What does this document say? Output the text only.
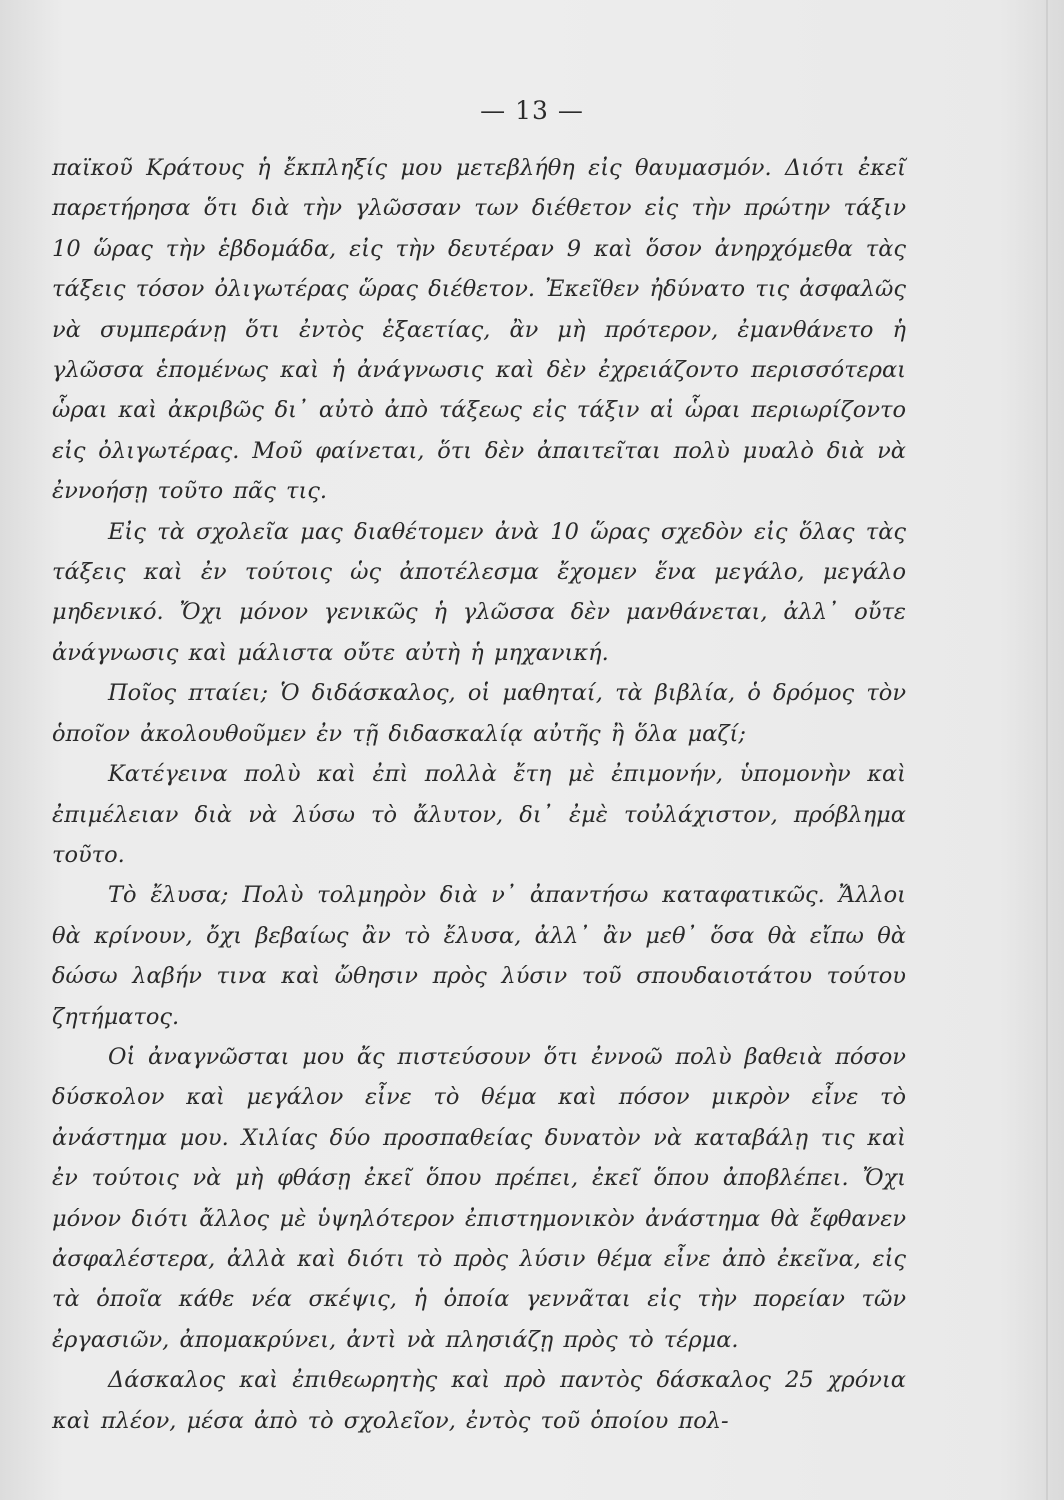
— 13 —

παϊκοῦ Κράτους ἡ ἔκπληξίς μου μετεβλήθη εἰς θαυμασμόν. Διότι ἐκεῖ παρετήρησα ὅτι διὰ τὴν γλῶσσαν των διέθετον εἰς τὴν πρώτην τάξιν 10 ὥρας τὴν ἑβδομάδα, εἰς τὴν δευτέραν 9 καὶ ὅσον ἀνηρχόμεθα τὰς τάξεις τόσον ὀλιγωτέρας ὥρας διέθετον. Ἐκεῖθεν ἠδύνατο τις ἀσφαλῶς νὰ συμπεράνῃ ὅτι ἐντὸς ἑξαετίας, ἂν μὴ πρότερον, ἐμανθάνετο ἡ γλῶσσα ἑπομένως καὶ ἡ ἀνάγνωσις καὶ δὲν ἐχρειάζοντο περισσότεραι ὧραι καὶ ἀκριβῶς δι᾿ αὐτὸ ἀπὸ τάξεως εἰς τάξιν αἱ ὧραι περιωρίζοντο εἰς ὀλιγωτέρας. Μοῦ φαίνεται, ὅτι δὲν ἀπαιτεῖται πολὺ μυαλὸ διὰ νὰ ἐννοήσῃ τοῦτο πᾶς τις.

Εἰς τὰ σχολεῖα μας διαθέτομεν ἀνὰ 10 ὥρας σχεδὸν εἰς ὅλας τὰς τάξεις καὶ ἐν τούτοις ὡς ἀποτέλεσμα ἔχομεν ἕνα μεγάλο, μεγάλο μηδενικό. Ὄχι μόνον γενικῶς ἡ γλῶσσα δὲν μανθάνεται, ἀλλ᾿ οὔτε ἀνάγνωσις καὶ μάλιστα οὔτε αὐτὴ ἡ μηχανική.

Ποῖος πταίει; Ὁ διδάσκαλος, οἱ μαθηταί, τὰ βιβλία, ὁ δρόμος τὸν ὁποῖον ἀκολουθοῦμεν ἐν τῇ διδασκαλίᾳ αὐτῆς ἢ ὅλα μαζί;

Κατέγεινα πολὺ καὶ ἐπὶ πολλὰ ἔτη μὲ ἐπιμονήν, ὑπομονὴν καὶ ἐπιμέλειαν διὰ νὰ λύσω τὸ ἄλυτον, δι᾿ ἐμὲ τοὐλάχιστον, πρόβλημα τοῦτο.

Τὸ ἔλυσα; Πολὺ τολμηρὸν διὰ ν᾿ ἀπαντήσω καταφατικῶς. Ἄλλοι θὰ κρίνουν, ὄχι βεβαίως ἂν τὸ ἔλυσα, ἀλλ᾿ ἂν μεθ᾿ ὅσα θὰ εἴπω θὰ δώσω λαβήν τινα καὶ ὤθησιν πρὸς λύσιν τοῦ σπουδαιοτάτου τούτου ζητήματος.

Οἱ ἀναγνῶσται μου ἄς πιστεύσουν ὅτι ἐννοῶ πολὺ βαθειὰ πόσον δύσκολον καὶ μεγάλον εἶνε τὸ θέμα καὶ πόσον μικρὸν εἶνε τὸ ἀνάστημα μου. Χιλίας δύο προσπαθείας δυνατὸν νὰ καταβάλῃ τις καὶ ἐν τούτοις νὰ μὴ φθάσῃ ἐκεῖ ὅπου πρέπει, ἐκεῖ ὅπου ἀποβλέπει. Ὄχι μόνον διότι ἄλλος μὲ ὑψηλότερον ἐπιστημονικὸν ἀνάστημα θὰ ἔφθανεν ἀσφαλέστερα, ἀλλὰ καὶ διότι τὸ πρὸς λύσιν θέμα εἶνε ἀπὸ ἐκεῖνα, εἰς τὰ ὁποῖα κάθε νέα σκέψις, ἡ ὁποία γεννᾶται εἰς τὴν πορείαν τῶν ἐργασιῶν, ἀπομακρύνει, ἀντὶ νὰ πλησιάζῃ πρὸς τὸ τέρμα.

Δάσκαλος καὶ ἐπιθεωρητὴς καὶ πρὸ παντὸς δάσκαλος 25 χρόνια καὶ πλέον, μέσα ἀπὸ τὸ σχολεῖον, ἐντὸς τοῦ ὁποίου πολ-
